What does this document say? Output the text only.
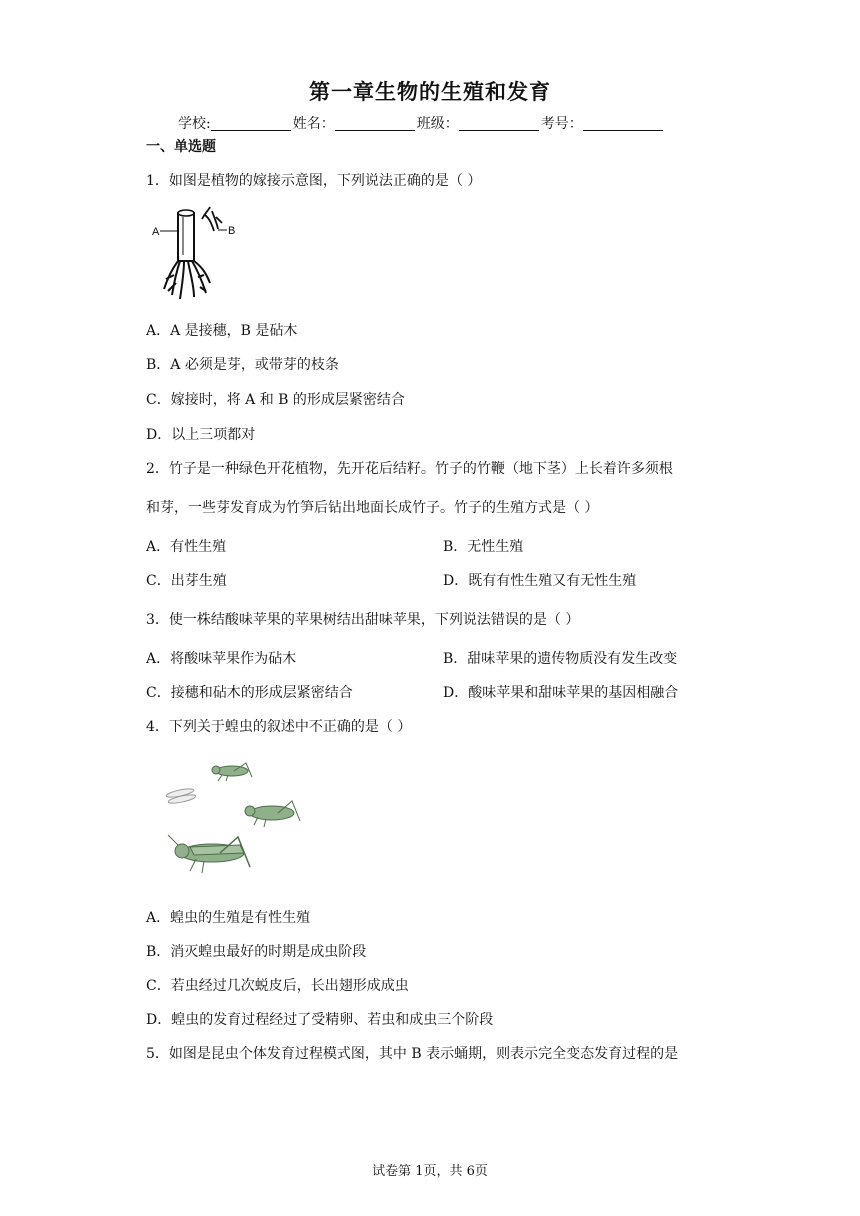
第一章生物的生殖和发育
学校:	姓名：	班级：	考号：
一、单选题
1．如图是植物的嫁接示意图，下列说法正确的是（ ）
A	B
A．A 是接穗，B 是砧木
B．A 必须是芽，或带芽的枝条
C．嫁接时，将 A 和 B 的形成层紧密结合
D．以上三项都对
2．竹子是一种绿色开花植物，先开花后结籽。竹子的竹鞭（地下茎）上长着许多须根
和芽，一些芽发育成为竹笋后钻出地面长成竹子。竹子的生殖方式是（ ）
A．有性生殖	B．无性生殖
C．出芽生殖	D．既有有性生殖又有无性生殖
3．使一株结酸味苹果的苹果树结出甜味苹果，下列说法错误的是（ ）
A．将酸味苹果作为砧木	B．甜味苹果的遗传物质没有发生改变
C．接穗和砧木的形成层紧密结合	D．酸味苹果和甜味苹果的基因相融合
4．下列关于蝗虫的叙述中不正确的是（ ）
A．蝗虫的生殖是有性生殖
B．消灭蝗虫最好的时期是成虫阶段
C．若虫经过几次蜕皮后，长出翅形成成虫
D．蝗虫的发育过程经过了受精卵、若虫和成虫三个阶段
5．如图是昆虫个体发育过程模式图，其中 B 表示蛹期，则表示完全变态发育过程的是
试卷第 1页，共 6页
